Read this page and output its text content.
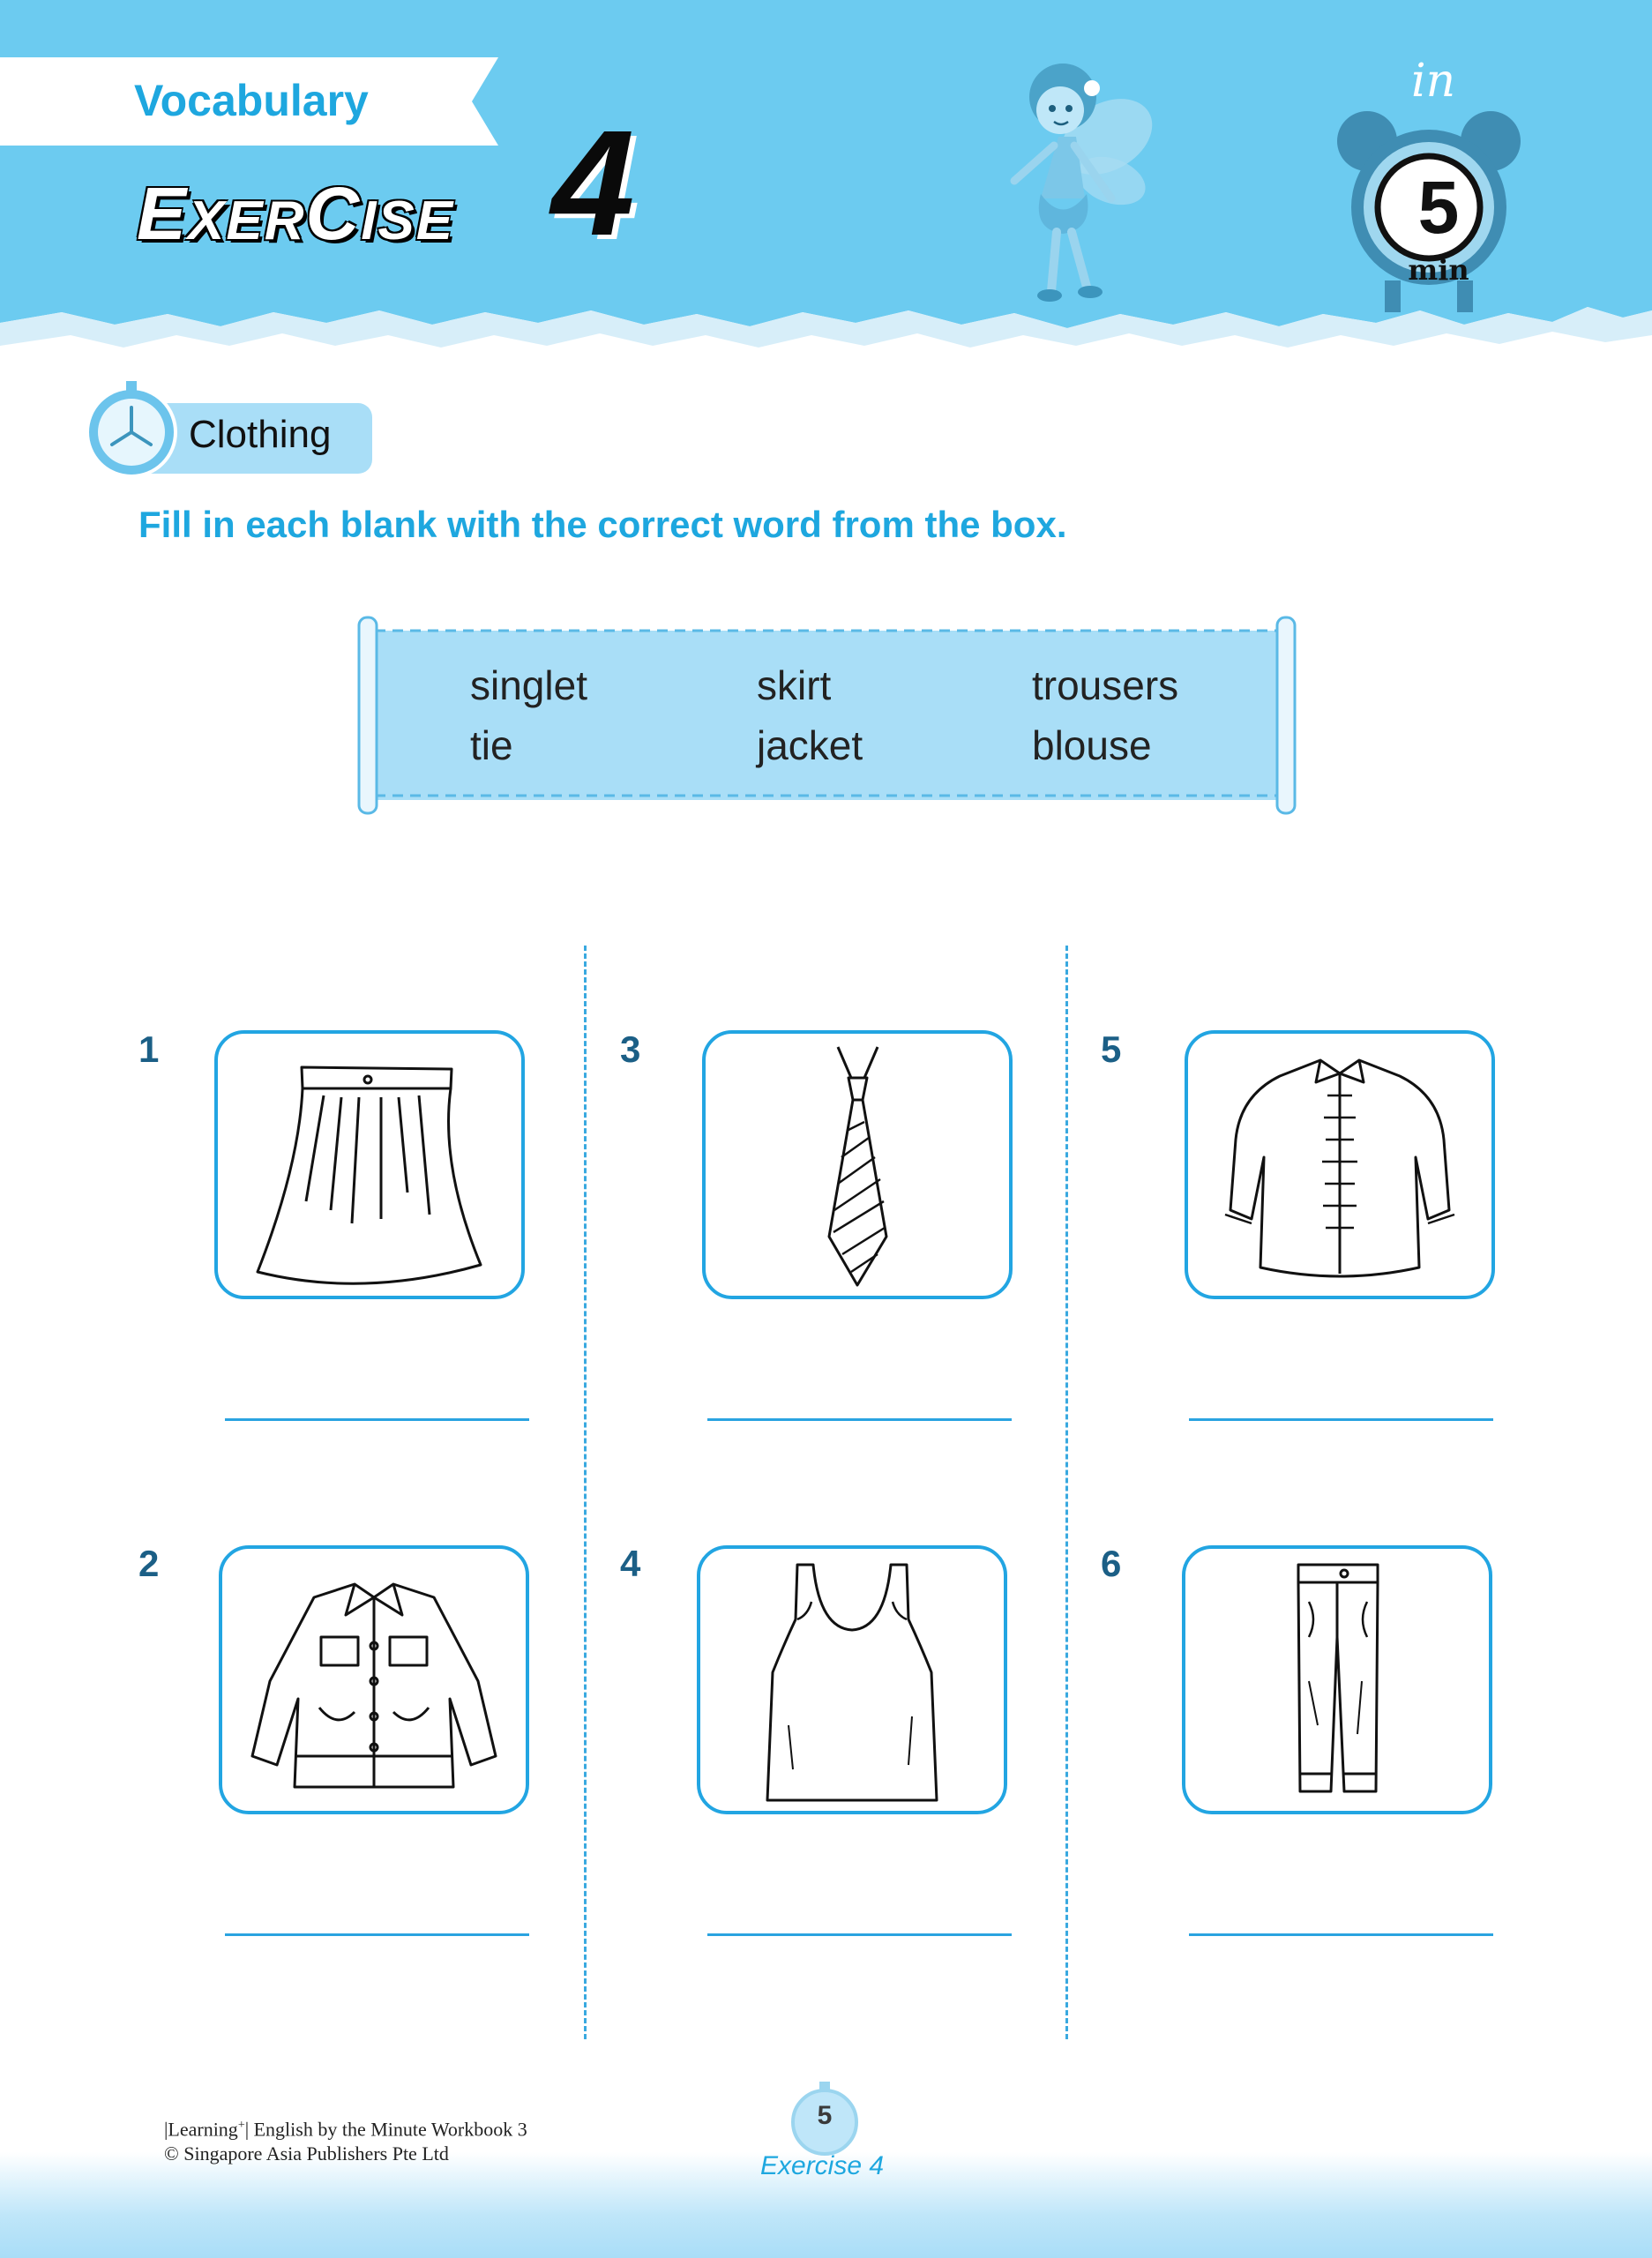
Vocabulary
EXERCISE 4
in
5
min
Clothing
Fill in each blank with the correct word from the box.
singlet	skirt	trousers
tie	jacket	blouse
1
2
3
4
5
6
|Learning+| English by the Minute Workbook 3
© Singapore Asia Publishers Pte Ltd
5
Exercise 4
